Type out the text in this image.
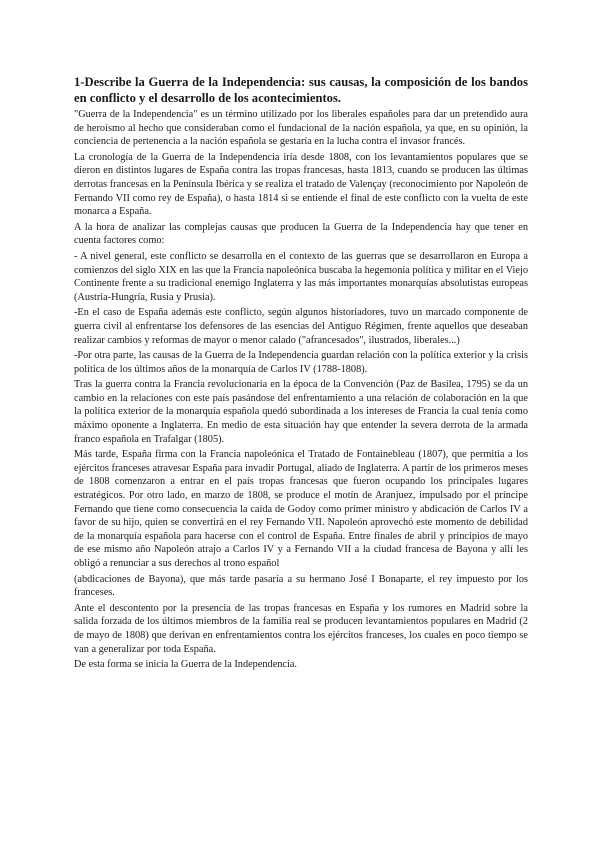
1-Describe la Guerra de la Independencia: sus causas, la composición de los bandos en conflicto y el desarrollo de los acontecimientos.

"Guerra de la Independencia" es un término utilizado por los liberales españoles para dar un pretendido aura de heroísmo al hecho que consideraban como el fundacional de la nación española, ya que, en su opinión, la conciencia de pertenencia a la nación española se gestaría en la lucha contra el invasor francés.

La cronología de la Guerra de la Independencia iría desde 1808, con los levantamientos populares que se dieron en distintos lugares de España contra las tropas francesas, hasta 1813, cuando se producen las últimas derrotas francesas en la Península Ibérica y se realiza el tratado de Valençay (reconocimiento por Napoleón de Fernando VII como rey de España), o hasta 1814 si se entiende el final de este conflicto con la vuelta de este monarca a España.

A la hora de analizar las complejas causas que producen la Guerra de la Independencia hay que tener en cuenta factores como:

- A nivel general, este conflicto se desarrolla en el contexto de las guerras que se desarrollaron en Europa a comienzos del siglo XIX en las que la Francia napoleónica buscaba la hegemonía política y militar en el Viejo Continente frente a su tradicional enemigo Inglaterra y las más importantes monarquías absolutistas europeas (Austria-Hungría, Rusia y Prusia).

-En el caso de España además este conflicto, según algunos historiadores, tuvo un marcado componente de guerra civil al enfrentarse los defensores de las esencias del Antiguo Régimen, frente aquellos que deseaban realizar cambios y reformas de mayor o menor calado ("afrancesados", ilustrados, liberales...)

-Por otra parte, las causas de la Guerra de la Independencia guardan relación con la política exterior y la crisis política de los últimos años de la monarquía de Carlos IV (1788-1808).

Tras la guerra contra la Francia revolucionaria en la época de la Convención (Paz de Basilea, 1795) se da un cambio en la relaciones con este país pasándose del enfrentamiento a una relación de colaboración en la que la política exterior de la monarquía española quedó subordinada a los intereses de Francia la cual tenía como máximo oponente a Inglaterra. En medio de esta situación hay que entender la severa derrota de la armada franco española en Trafalgar (1805).

Más tarde, España firma con la Francia napoleónica el Tratado de Fontainebleau (1807), que permitía a los ejércitos franceses atravesar España para invadir Portugal, aliado de Inglaterra. A partir de los primeros meses de 1808 comenzaron a entrar en el país tropas francesas que fueron ocupando los principales lugares estratégicos. Por otro lado, en marzo de 1808, se produce el motín de Aranjuez, impulsado por el príncipe Fernando que tiene como consecuencia la caída de Godoy como primer ministro y abdicación de Carlos IV a favor de su hijo, quien se convertirá en el rey Fernando VII. Napoleón aprovechó este momento de debilidad de la monarquía española para hacerse con el control de España. Entre finales de abril y principios de mayo de ese mismo año Napoleón atrajo a Carlos IV y a Fernando VII a la ciudad francesa de Bayona y allí les obligó a renunciar a sus derechos al trono español

(abdicaciones de Bayona), que más tarde pasaría a su hermano José I Bonaparte, el rey impuesto por los franceses.

Ante el descontento por la presencia de las tropas francesas en España y los rumores en Madrid sobre la salida forzada de los últimos miembros de la familia real se producen levantamientos populares en Madrid (2 de mayo de 1808) que derivan en enfrentamientos contra los ejércitos franceses, los cuales en poco tiempo se van a generalizar por toda España.

De esta forma se inicia la Guerra de la Independencia.
